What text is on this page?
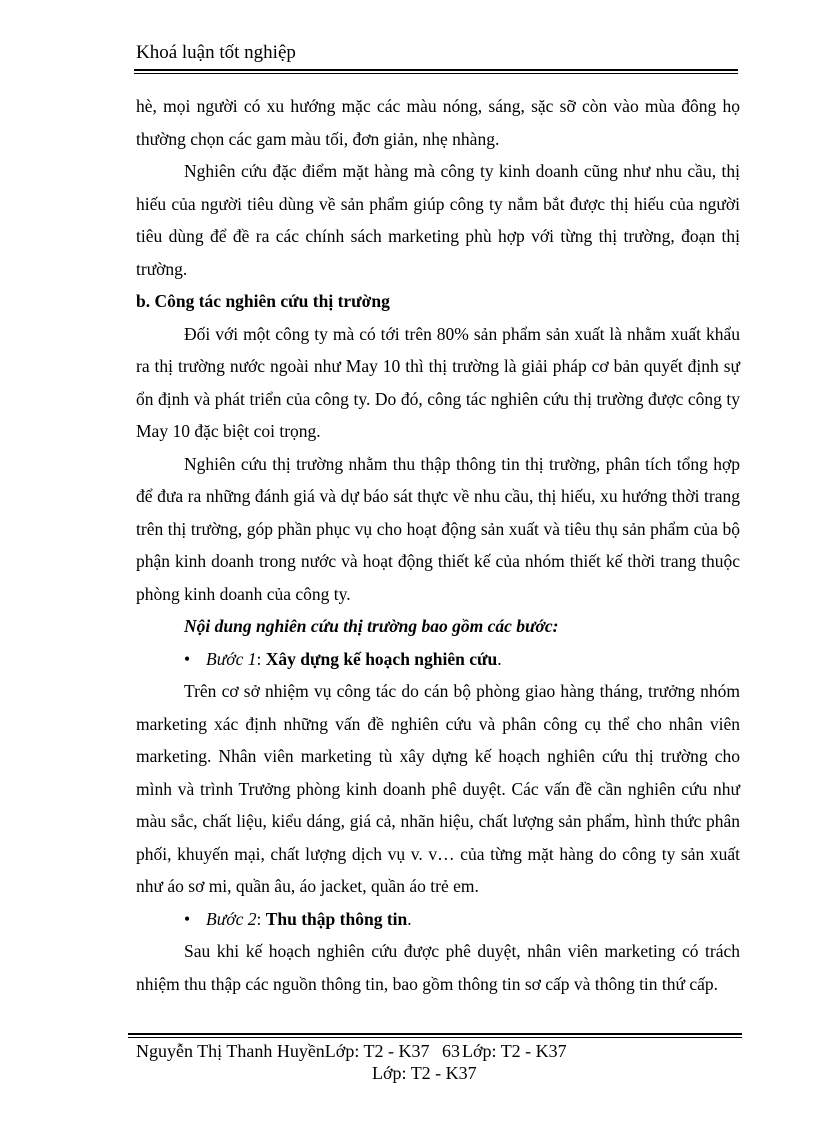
Khoá luận tốt nghiệp

hè, mọi người có xu hướng mặc các màu nóng, sáng, sặc sỡ còn vào mùa đông họ thường chọn các gam màu tối, đơn giản, nhẹ nhàng.

Nghiên cứu đặc điểm mặt hàng mà công ty kinh doanh cũng như nhu cầu, thị hiếu của người tiêu dùng về sản phẩm giúp công ty nắm bắt được thị hiếu của người tiêu dùng để đề ra các chính sách marketing phù hợp với từng thị trường, đoạn thị trường.

b. Công tác nghiên cứu thị trường

Đối với một công ty mà có tới trên 80% sản phẩm sản xuất là nhằm xuất khẩu ra thị trường nước ngoài như May 10 thì thị trường là giải pháp cơ bản quyết định sự ổn định và phát triển của công ty. Do đó, công tác nghiên cứu thị trường được công ty May 10 đặc biệt coi trọng.

Nghiên cứu thị trường nhằm thu thập thông tin thị trường, phân tích tổng hợp để đưa ra những đánh giá và dự báo sát thực về nhu cầu, thị hiếu, xu hướng thời trang trên thị trường, góp phần phục vụ cho hoạt động sản xuất và tiêu thụ sản phẩm của bộ phận kinh doanh trong nước và hoạt động thiết kế của nhóm thiết kế thời trang thuộc phòng kinh doanh của công ty.

Nội dung nghiên cứu thị trường bao gồm các bước:

• Bước 1: Xây dựng kế hoạch nghiên cứu.

Trên cơ sở nhiệm vụ công tác do cán bộ phòng giao hàng tháng, trưởng nhóm marketing xác định những vấn đề nghiên cứu và phân công cụ thể cho nhân viên marketing. Nhân viên marketing tù xây dựng kế hoạch nghiên cứu thị trường cho mình và trình Trưởng phòng kinh doanh phê duyệt. Các vấn đề cần nghiên cứu như màu sắc, chất liệu, kiểu dáng, giá cả, nhãn hiệu, chất lượng sản phẩm, hình thức phân phối, khuyến mại, chất lượng dịch vụ v. v… của từng mặt hàng do công ty sản xuất như áo sơ mi, quần âu, áo jacket, quần áo trẻ em.

• Bước 2: Thu thập thông tin.

Sau khi kế hoạch nghiên cứu được phê duyệt, nhân viên marketing có trách nhiệm thu thập các nguồn thông tin, bao gồm thông tin sơ cấp và thông tin thứ cấp.

Nguyễn Thị Thanh HuyềnLớp: T2 - K37 63 Lớp: T2 - K37
Lớp: T2 - K37
